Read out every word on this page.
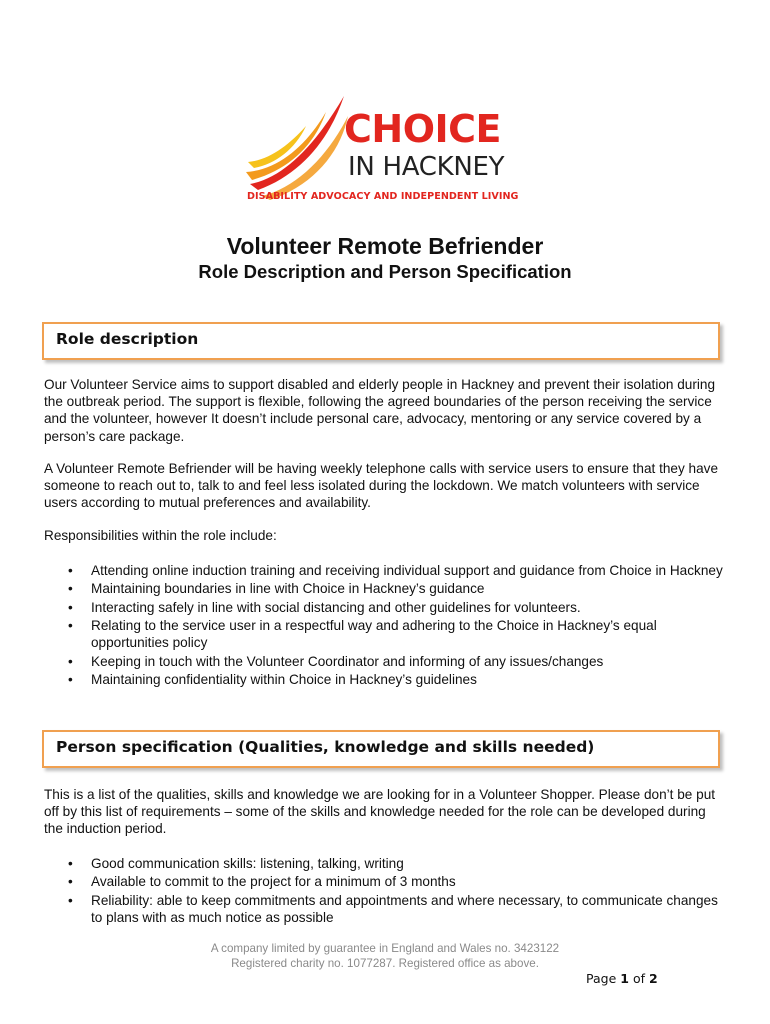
CHOICE
IN HACKNEY
DISABILITY ADVOCACY AND INDEPENDENT LIVING
Volunteer Remote Befriender
Role Description and Person Specification
Role description

Our Volunteer Service aims to support disabled and elderly people in Hackney and prevent their isolation during the outbreak period. The support is flexible, following the agreed boundaries of the person receiving the service and the volunteer, however It doesn’t include personal care, advocacy, mentoring or any service covered by a person’s care package.

A Volunteer Remote Befriender will be having weekly telephone calls with service users to ensure that they have someone to reach out to, talk to and feel less isolated during the lockdown. We match volunteers with service users according to mutual preferences and availability.

Responsibilities within the role include:

• Attending online induction training and receiving individual support and guidance from Choice in Hackney
• Maintaining boundaries in line with Choice in Hackney’s guidance
• Interacting safely in line with social distancing and other guidelines for volunteers.
• Relating to the service user in a respectful way and adhering to the Choice in Hackney’s equal opportunities policy
• Keeping in touch with the Volunteer Coordinator and informing of any issues/changes
• Maintaining confidentiality within Choice in Hackney’s guidelines
Person specification (Qualities, knowledge and skills needed)

This is a list of the qualities, skills and knowledge we are looking for in a Volunteer Shopper. Please don’t be put off by this list of requirements – some of the skills and knowledge needed for the role can be developed during the induction period.

• Good communication skills: listening, talking, writing
• Available to commit to the project for a minimum of 3 months
• Reliability: able to keep commitments and appointments and where necessary, to communicate changes to plans with as much notice as possible
A company limited by guarantee in England and Wales no. 3423122
Registered charity no. 1077287. Registered office as above.
Page 1 of 2
